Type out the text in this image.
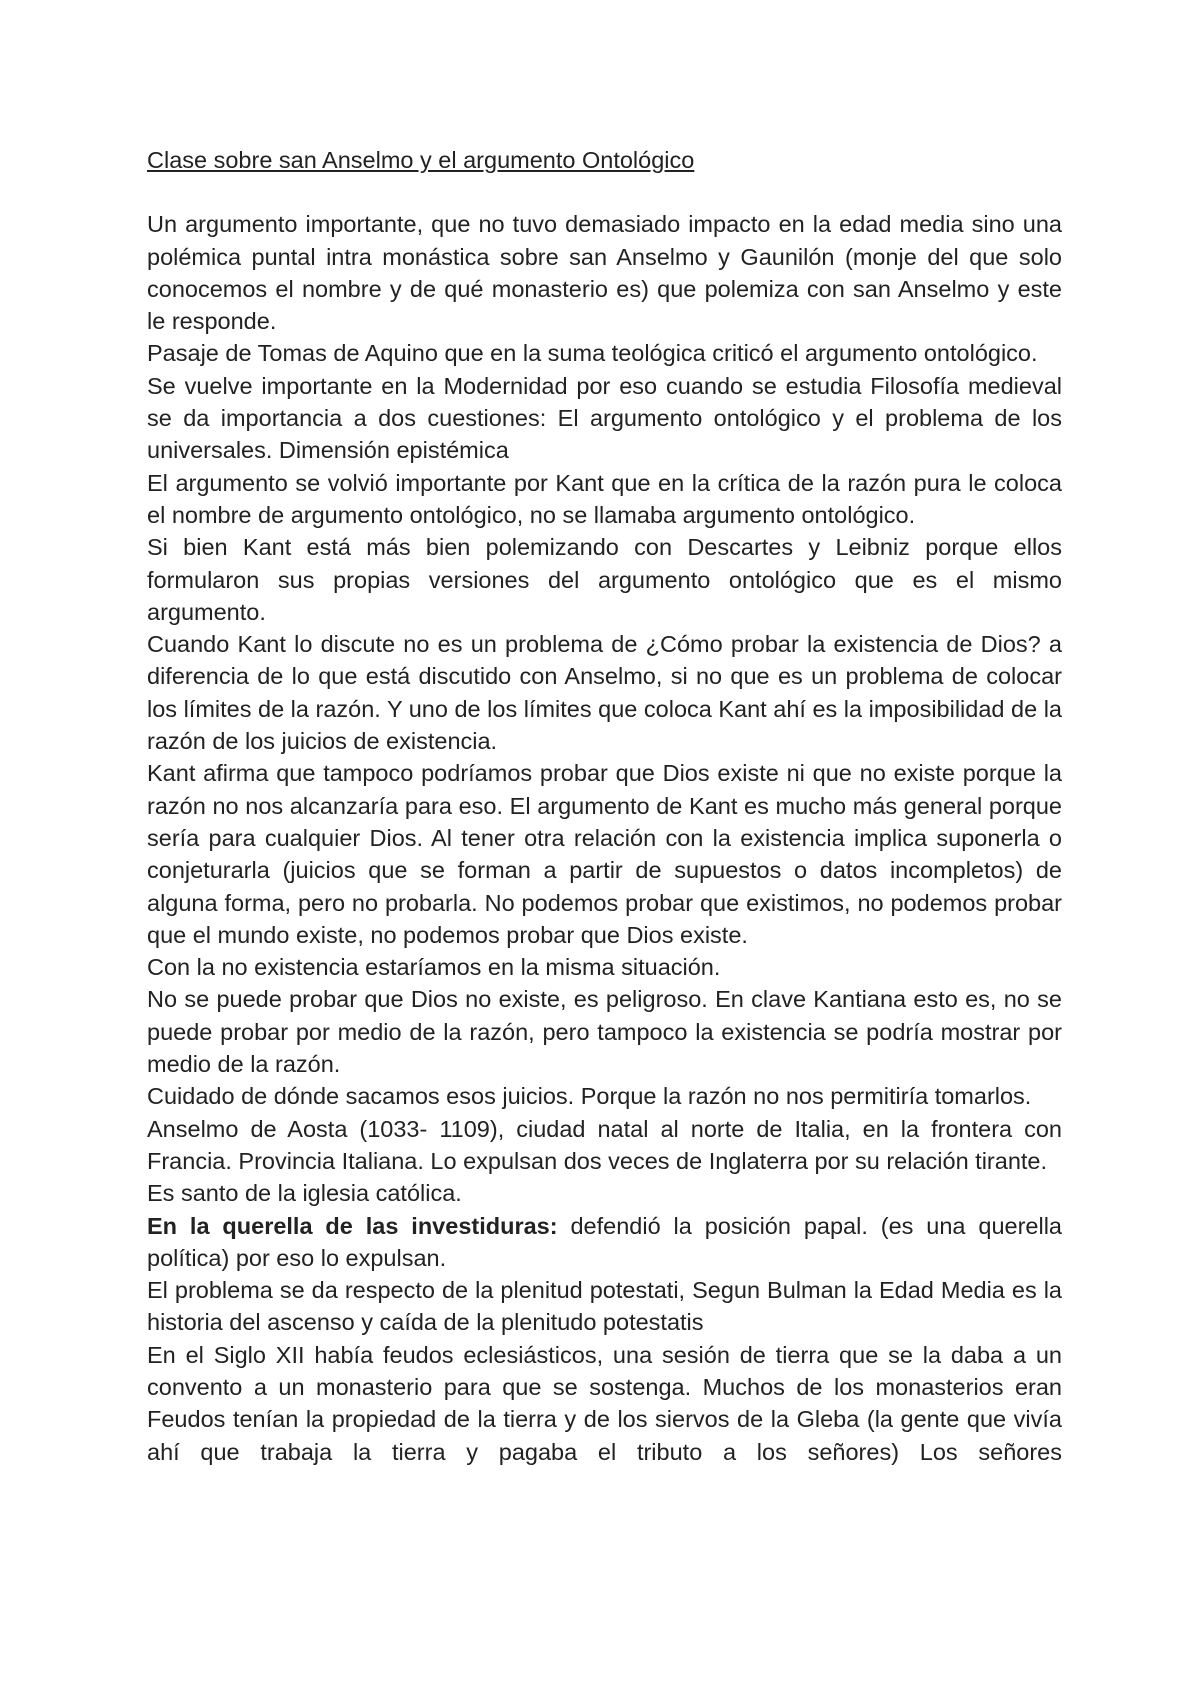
Clase sobre san Anselmo y el argumento Ontológico

Un argumento importante, que no tuvo demasiado impacto en la edad media sino una polémica puntal intra monástica sobre san Anselmo y Gaunilón (monje del que solo conocemos el nombre y de qué monasterio es) que polemiza con san Anselmo y este le responde.

Pasaje de Tomas de Aquino que en la suma teológica criticó el argumento ontológico.

Se vuelve importante en la Modernidad por eso cuando se estudia Filosofía medieval se da importancia a dos cuestiones: El argumento ontológico y el problema de los universales. Dimensión epistémica

El argumento se volvió importante por Kant que en la crítica de la razón pura le coloca el nombre de argumento ontológico, no se llamaba argumento ontológico.

Si bien Kant está más bien polemizando con Descartes y Leibniz porque ellos formularon sus propias versiones del argumento ontológico que es el mismo argumento.

Cuando Kant lo discute no es un problema de ¿Cómo probar la existencia de Dios? a diferencia de lo que está discutido con Anselmo, si no que es un problema de colocar los límites de la razón. Y uno de los límites que coloca Kant ahí es la imposibilidad de la razón de los juicios de existencia.

Kant afirma que tampoco podríamos probar que Dios existe ni que no existe porque la razón no nos alcanzaría para eso. El argumento de Kant es mucho más general porque sería para cualquier Dios. Al tener otra relación con la existencia implica suponerla o conjeturarla (juicios que se forman a partir de supuestos o datos incompletos) de alguna forma, pero no probarla. No podemos probar que existimos, no podemos probar que el mundo existe, no podemos probar que Dios existe.

Con la no existencia estaríamos en la misma situación.

No se puede probar que Dios no existe, es peligroso. En clave Kantiana esto es, no se puede probar por medio de la razón, pero tampoco la existencia se podría mostrar por medio de la razón.

Cuidado de dónde sacamos esos juicios. Porque la razón no nos permitiría tomarlos.

Anselmo de Aosta (1033- 1109), ciudad natal al norte de Italia, en la frontera con Francia. Provincia Italiana. Lo expulsan dos veces de Inglaterra por su relación tirante.

Es santo de la iglesia católica.

En la querella de las investiduras: defendió la posición papal. (es una querella política) por eso lo expulsan.

El problema se da respecto de la plenitud potestati, Segun Bulman la Edad Media es la historia del ascenso y caída de la plenitudo potestatis

En el Siglo XII había feudos eclesiásticos, una sesión de tierra que se la daba a un convento a un monasterio para que se sostenga. Muchos de los monasterios eran Feudos tenían la propiedad de la tierra y de los siervos de la Gleba (la gente que vivía ahí que trabaja la tierra y pagaba el tributo a los señores) Los señores
